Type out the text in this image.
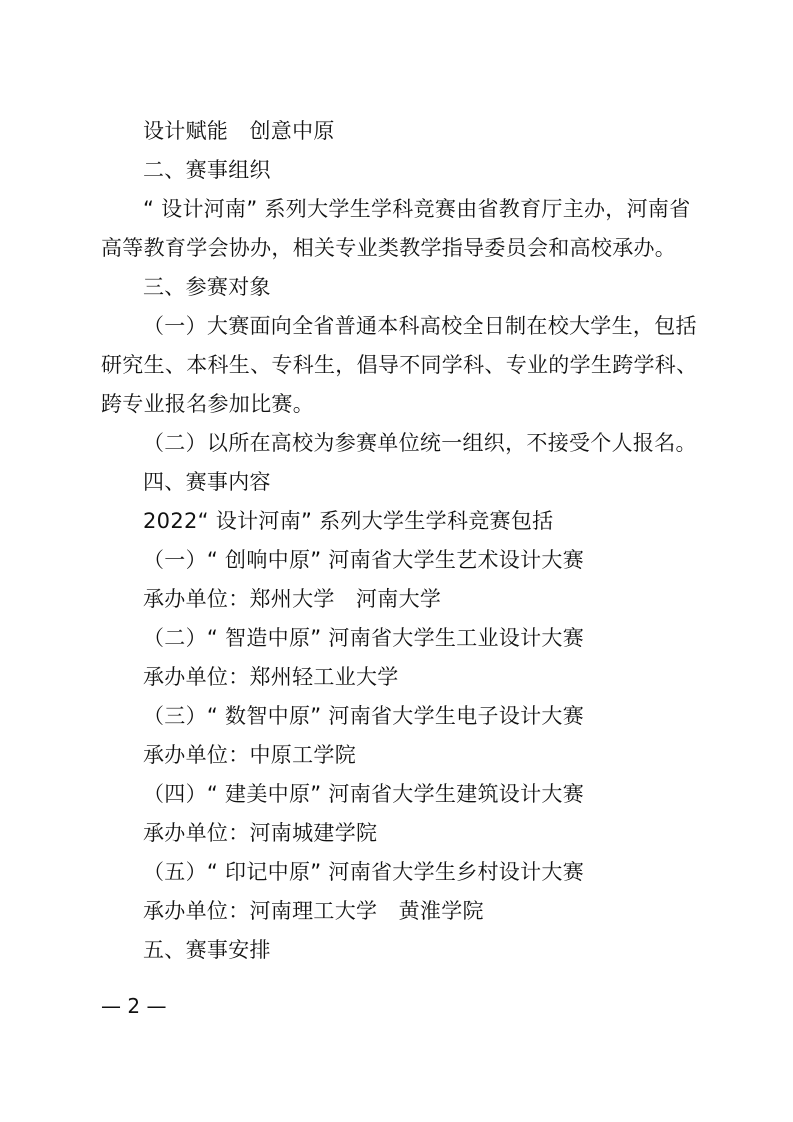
设计赋能　创意中原
二、赛事组织
“ 设计河南” 系列大学生学科竞赛由省教育厅主办，河南省
高等教育学会协办，相关专业类教学指导委员会和高校承办。
三、参赛对象
（一）大赛面向全省普通本科高校全日制在校大学生，包括
研究生、本科生、专科生，倡导不同学科、专业的学生跨学科、
跨专业报名参加比赛。
（二）以所在高校为参赛单位统一组织，不接受个人报名。
四、赛事内容
2022“ 设计河南” 系列大学生学科竞赛包括
（一）“ 创响中原” 河南省大学生艺术设计大赛
承办单位：郑州大学　河南大学
（二）“ 智造中原” 河南省大学生工业设计大赛
承办单位：郑州轻工业大学
（三）“ 数智中原” 河南省大学生电子设计大赛
承办单位：中原工学院
（四）“ 建美中原” 河南省大学生建筑设计大赛
承办单位：河南城建学院
（五）“ 印记中原” 河南省大学生乡村设计大赛
承办单位：河南理工大学　黄淮学院
五、赛事安排
— 2 —
